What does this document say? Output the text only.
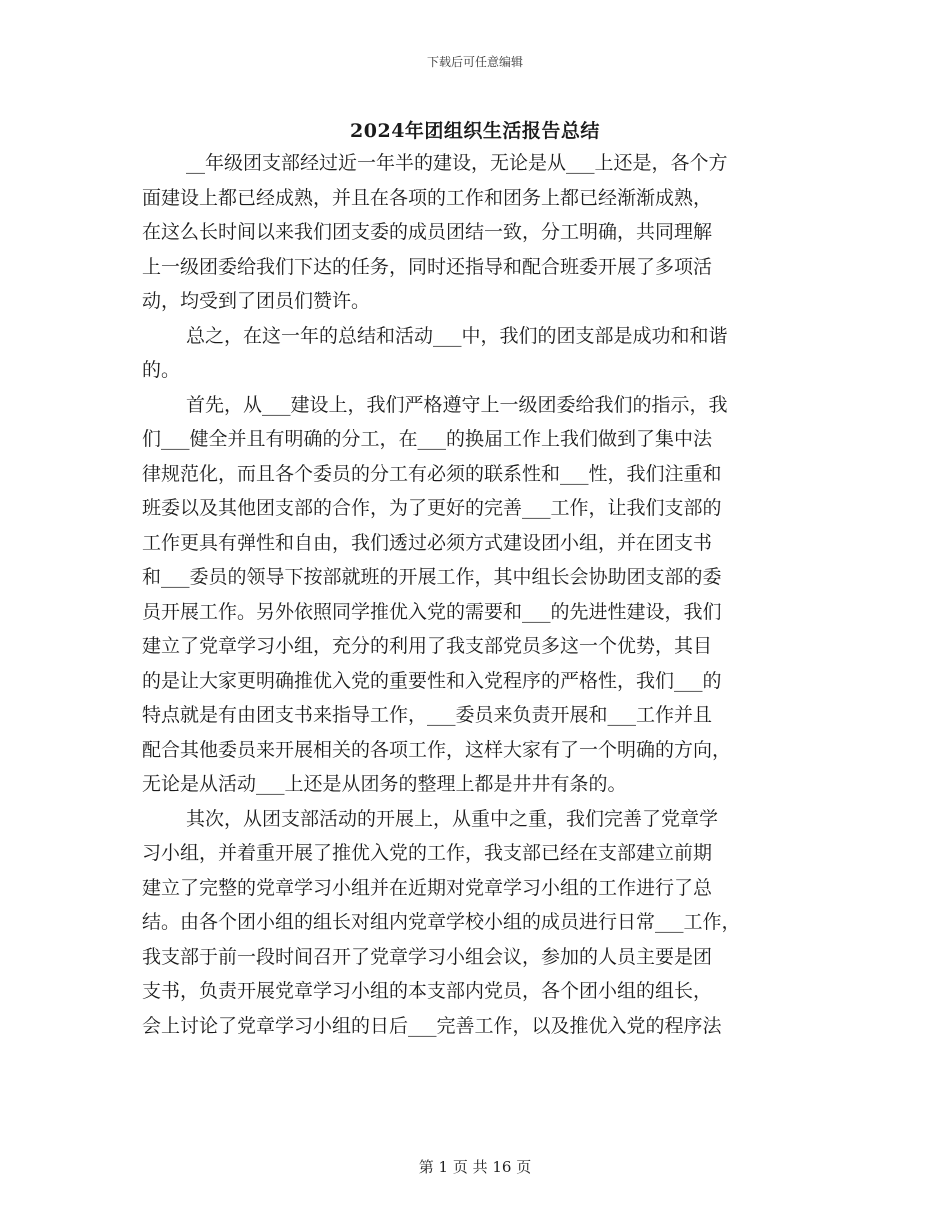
下载后可任意编辑
2024年团组织生活报告总结
__年级团支部经过近一年半的建设，无论是从___上还是，各个方
面建设上都已经成熟，并且在各项的工作和团务上都已经渐渐成熟，
在这么长时间以来我们团支委的成员团结一致，分工明确，共同理解
上一级团委给我们下达的任务，同时还指导和配合班委开展了多项活
动，均受到了团员们赞许。
总之，在这一年的总结和活动___中，我们的团支部是成功和和谐
的。
首先，从___建设上，我们严格遵守上一级团委给我们的指示，我
们___健全并且有明确的分工，在___的换届工作上我们做到了集中法
律规范化，而且各个委员的分工有必须的联系性和___性，我们注重和
班委以及其他团支部的合作，为了更好的完善___工作，让我们支部的
工作更具有弹性和自由，我们透过必须方式建设团小组，并在团支书
和___委员的领导下按部就班的开展工作，其中组长会协助团支部的委
员开展工作。另外依照同学推优入党的需要和___的先进性建设，我们
建立了党章学习小组，充分的利用了我支部党员多这一个优势，其目
的是让大家更明确推优入党的重要性和入党程序的严格性，我们___的
特点就是有由团支书来指导工作，___委员来负责开展和___工作并且
配合其他委员来开展相关的各项工作，这样大家有了一个明确的方向，
无论是从活动___上还是从团务的整理上都是井井有条的。
其次，从团支部活动的开展上，从重中之重，我们完善了党章学
习小组，并着重开展了推优入党的工作，我支部已经在支部建立前期
建立了完整的党章学习小组并在近期对党章学习小组的工作进行了总
结。由各个团小组的组长对组内党章学校小组的成员进行日常___工作，
我支部于前一段时间召开了党章学习小组会议，参加的人员主要是团
支书，负责开展党章学习小组的本支部内党员，各个团小组的组长，
会上讨论了党章学习小组的日后___完善工作，以及推优入党的程序法
第 1 页 共 16 页
